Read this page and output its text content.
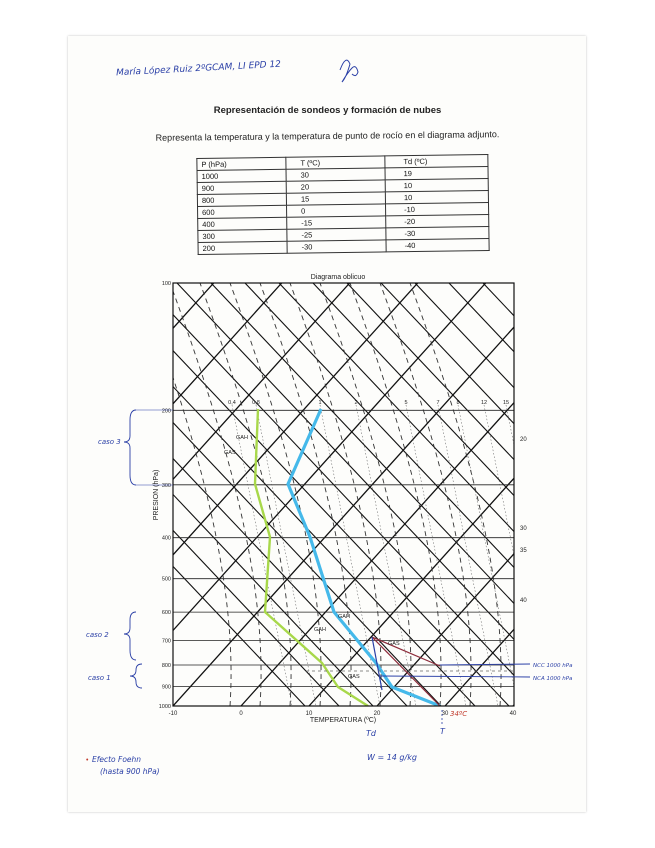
María López Ruiz 2ºGCAM, LI EPD 12
Representación de sondeos y formación de nubes
Representa la temperatura y la temperatura de punto de rocío en el diagrama adjunto.
P (hPa)	T (ºC)	Td (ºC)
1000	30	19
900	20	10
800	15	10
600	0	-10
400	-15	-20
300	-25	-30
200	-30	-40
Diagrama oblicuo
100
200
300
400
500
600
700
800
900
1000
-10	0	10	20	30	40
0,4	0,8	1	2	5	7	8	12	15
20
30
35
40
PRESION (hPa)
TEMPERATURA (ºC)
GAH
GAS
GAH
GAH
GAS
GAS
caso 3
caso 2
caso 1
NCC 1000 hPa
NCA 1000 hPa
34ºC
T
Td
W = 14 g/kg
Efecto Foehn
(hasta 900 hPa)
•
